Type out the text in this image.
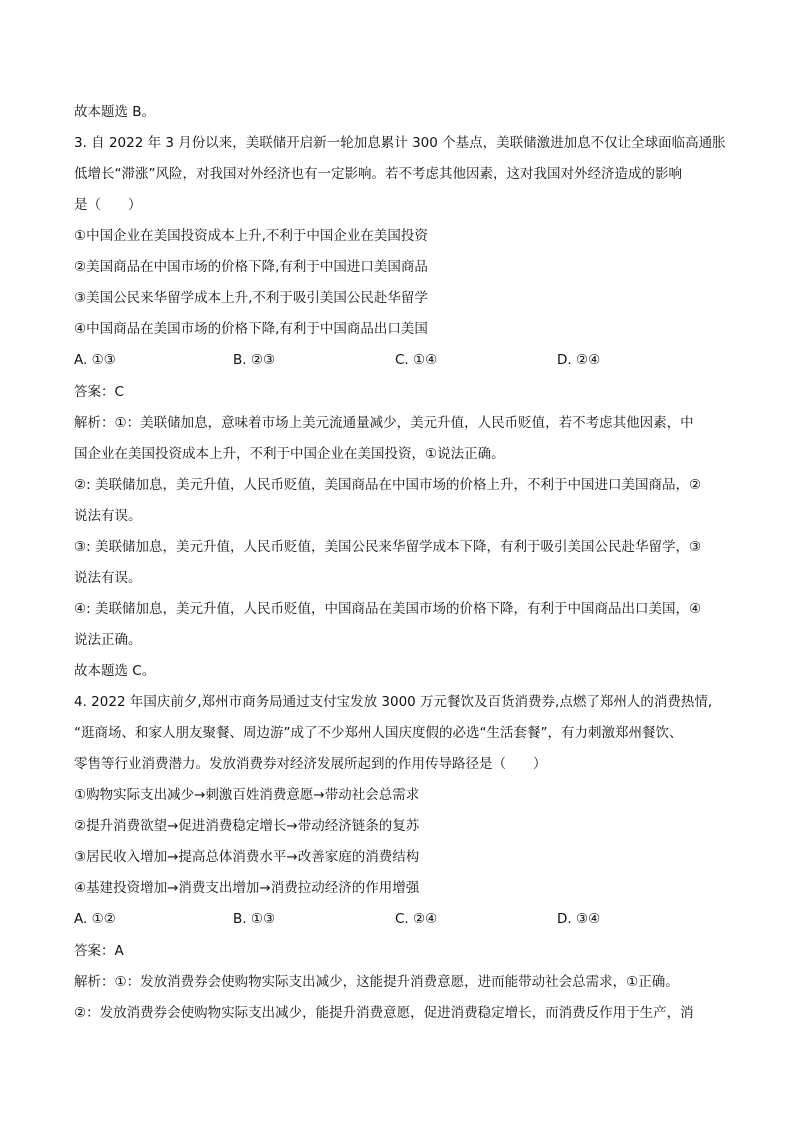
故本题选 B。
3. 自 2022 年 3 月份以来，美联储开启新一轮加息累计 300 个基点，美联储激进加息不仅让全球面临高通胀
低增长“滞涨”风险，对我国对外经济也有一定影响。若不考虑其他因素，这对我国对外经济造成的影响
是（　　）
①中国企业在美国投资成本上升,不利于中国企业在美国投资
②美国商品在中国市场的价格下降,有利于中国进口美国商品
③美国公民来华留学成本上升,不利于吸引美国公民赴华留学
④中国商品在美国市场的价格下降,有利于中国商品出口美国
A. ①③	B. ②③	C. ①④	D. ②④
答案：C
解析：①：美联储加息，意味着市场上美元流通量减少，美元升值，人民币贬值，若不考虑其他因素，中
国企业在美国投资成本上升，不利于中国企业在美国投资，①说法正确。
②: 美联储加息，美元升值，人民币贬值，美国商品在中国市场的价格上升，不利于中国进口美国商品，②
说法有误。
③: 美联储加息，美元升值，人民币贬值，美国公民来华留学成本下降，有利于吸引美国公民赴华留学，③
说法有误。
④: 美联储加息，美元升值，人民币贬值，中国商品在美国市场的价格下降，有利于中国商品出口美国，④
说法正确。
故本题选 C。
4. 2022 年国庆前夕,郑州市商务局通过支付宝发放 3000 万元餐饮及百货消费券,点燃了郑州人的消费热情,
“逛商场、和家人朋友聚餐、周边游”成了不少郑州人国庆度假的必选“生活套餐”，有力刺激郑州餐饮、
零售等行业消费潜力。发放消费券对经济发展所起到的作用传导路径是（　　）
①购物实际支出减少→刺激百姓消费意愿→带动社会总需求
②提升消费欲望→促进消费稳定增长→带动经济链条的复苏
③居民收入增加→提高总体消费水平→改善家庭的消费结构
④基建投资增加→消费支出增加→消费拉动经济的作用增强
A. ①②	B. ①③	C. ②④	D. ③④
答案：A
解析：①：发放消费券会使购物实际支出减少，这能提升消费意愿，进而能带动社会总需求，①正确。
②：发放消费券会使购物实际支出减少，能提升消费意愿，促进消费稳定增长，而消费反作用于生产，消
